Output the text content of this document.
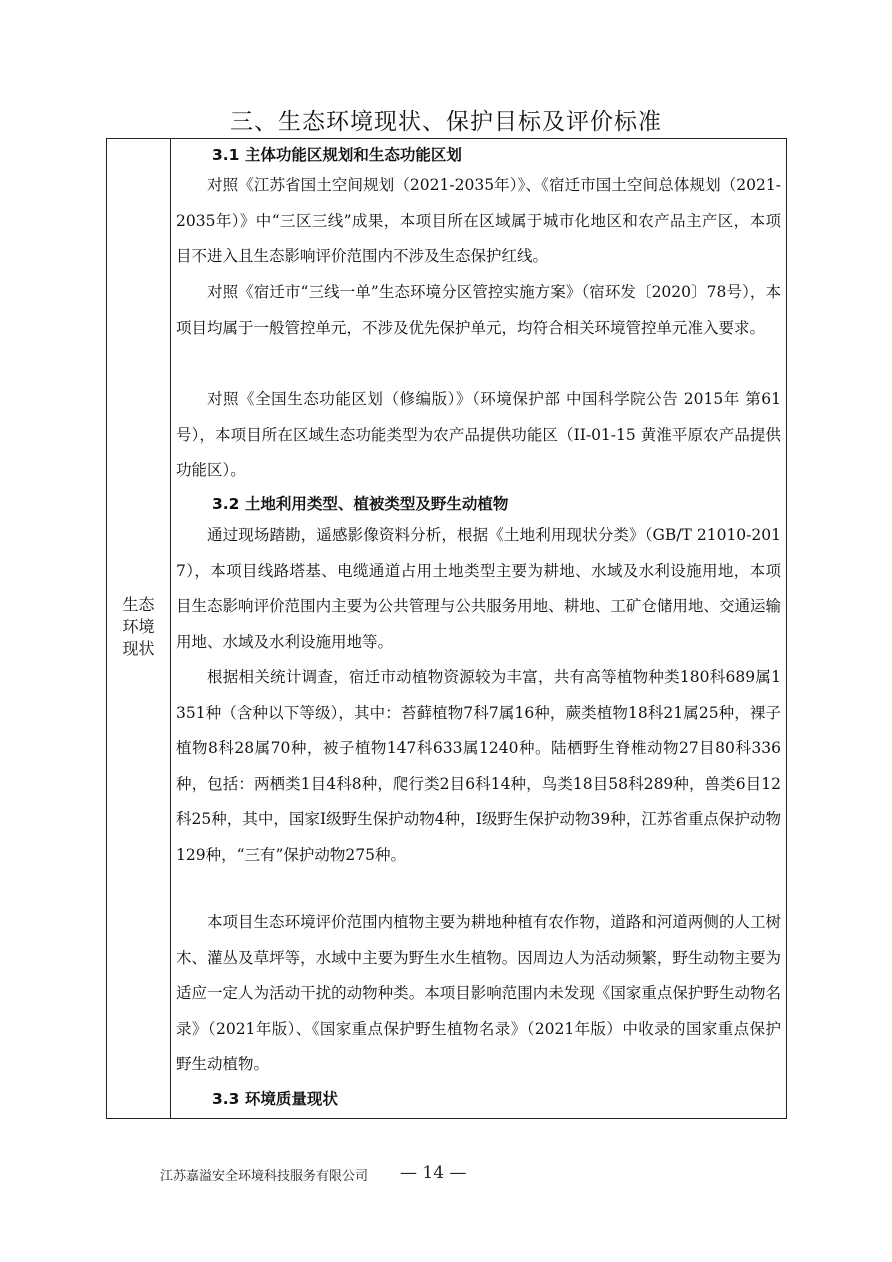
三、生态环境现状、保护目标及评价标准
生态环境现状
3.1 主体功能区规划和生态功能区划
对照《江苏省国土空间规划（2021-2035年）》、《宿迁市国土空间总体规划（2021-2035年）》中“三区三线”成果，本项目所在区域属于城市化地区和农产品主产区，本项目不进入且生态影响评价范围内不涉及生态保护红线。
对照《宿迁市“三线一单”生态环境分区管控实施方案》（宿环发〔2020〕78号），本项目均属于一般管控单元，不涉及优先保护单元，均符合相关环境管控单元准入要求。
对照《全国生态功能区划（修编版）》（环境保护部 中国科学院公告 2015年 第61号），本项目所在区域生态功能类型为农产品提供功能区（II-01-15 黄淮平原农产品提供功能区）。
3.2 土地利用类型、植被类型及野生动植物
通过现场踏勘，遥感影像资料分析，根据《土地利用现状分类》（GB/T 21010-2017），本项目线路塔基、电缆通道占用土地类型主要为耕地、水域及水利设施用地，本项目生态影响评价范围内主要为公共管理与公共服务用地、耕地、工矿仓储用地、交通运输用地、水域及水利设施用地等。
根据相关统计调查，宿迁市动植物资源较为丰富，共有高等植物种类180科689属1351种（含种以下等级），其中：苔藓植物7科7属16种，蕨类植物18科21属25种，裸子植物8科28属70种，被子植物147科633属1240种。陆栖野生脊椎动物27目80科336种，包括：两栖类1目4科8种，爬行类2目6科14种，鸟类18目58科289种，兽类6目12科25种，其中，国家I级野生保护动物4种，I级野生保护动物39种，江苏省重点保护动物129种，“三有”保护动物275种。
本项目生态环境评价范围内植物主要为耕地种植有农作物，道路和河道两侧的人工树木、灌丛及草坪等，水域中主要为野生水生植物。因周边人为活动频繁，野生动物主要为适应一定人为活动干扰的动物种类。本项目影响范围内未发现《国家重点保护野生动物名录》（2021年版）、《国家重点保护野生植物名录》（2021年版）中收录的国家重点保护野生动植物。
3.3 环境质量现状
江苏嘉溢安全环境科技服务有限公司 — 14 —
